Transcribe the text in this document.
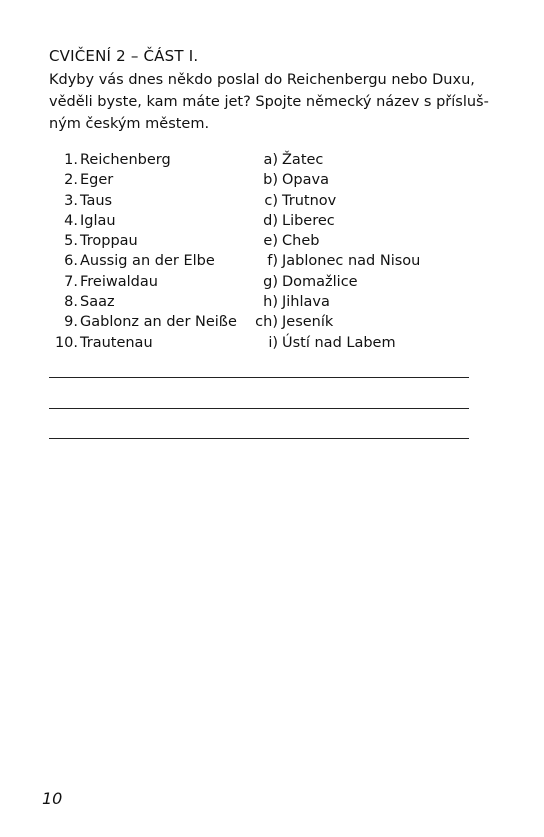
CVIČENÍ 2 – ČÁST I.
Kdyby vás dnes někdo poslal do Reichenbergu nebo Duxu,
věděli byste, kam máte jet? Spojte německý název s přísluš-
ným českým městem.
1. Reichenberg	a) Žatec
2. Eger	b) Opava
3. Taus	c) Trutnov
4. Iglau	d) Liberec
5. Troppau	e) Cheb
6. Aussig an der Elbe	f) Jablonec nad Nisou
7. Freiwaldau	g) Domažlice
8. Saaz	h) Jihlava
9. Gablonz an der Neiße ch) Jeseník
10. Trautenau	i) Ústí nad Labem
10
